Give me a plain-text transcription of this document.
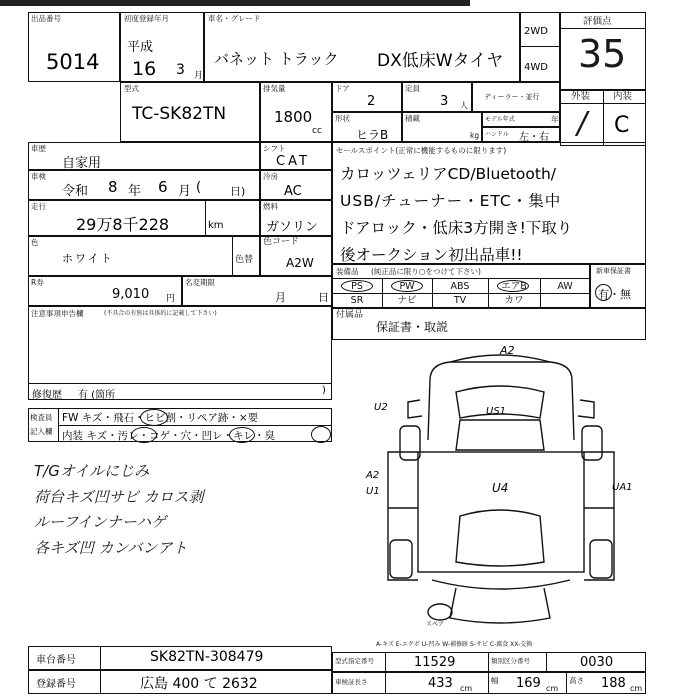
出品番号
5014
初度登録年月
平成
16 3 月
車名・グレード
バネット トラック DX低床Wタイヤ
2WD
4WD
評価点
35
外装 内装
/ C
型式
TC-SK82TN
排気量
1800
cc
ドア
2
定員
3 人
ディーラー・並行
形状
ヒラB
積載
kg
モデル年式	年
ハンドル 左・右
車歴
自家用
シフト
CAT
車検
令和 8 年 6 月 (	日)
冷房
AC
走行
29万8千228	km
燃料
ガソリン
色
ホワイト	色替
色コード
A2W
R券
9,010 円
名変期限
月	日
注意事項申告欄	(不具合の有無は具体的に記載して下さい)
修復歴 有 (箇所	)
セールスポイント(正常に機能するものに限ります)
カロッツェリアCD/Bluetooth/
USB/チューナー・ETC・集中
ドアロック・低床3方開き!下取り
後オークション初出品車!!
装備品 (純正品に限り○をつけて下さい)
PS	PW	ABS	エアB	AW
SR	ナビ	TV	カワ
新車保証書
有・無
付属品
保証書・取説
検査員
記入欄
FW キズ・飛石・ヒビ割・リペア跡・×要
内装 キズ・汚レ・コゲ・穴・凹レ・キレ・臭
T/Gオイルにじみ
荷台キズ凹サビ カロス剥
ルーフインナーハゲ
各キズ凹 カンバンアト
A2
US1
U2
A2
U1	U4	UA1
スペア
A-キズ E-エクボ U-凹み W-補修跡 S-サビ C-腐食 XX-交換
車台番号	SK82TN-308479
登録番号	広島 400 て 2632
型式指定番号	11529	類別区分番号	0030
車検証長さ	433 cm
幅 169 cm
高さ 188 cm
